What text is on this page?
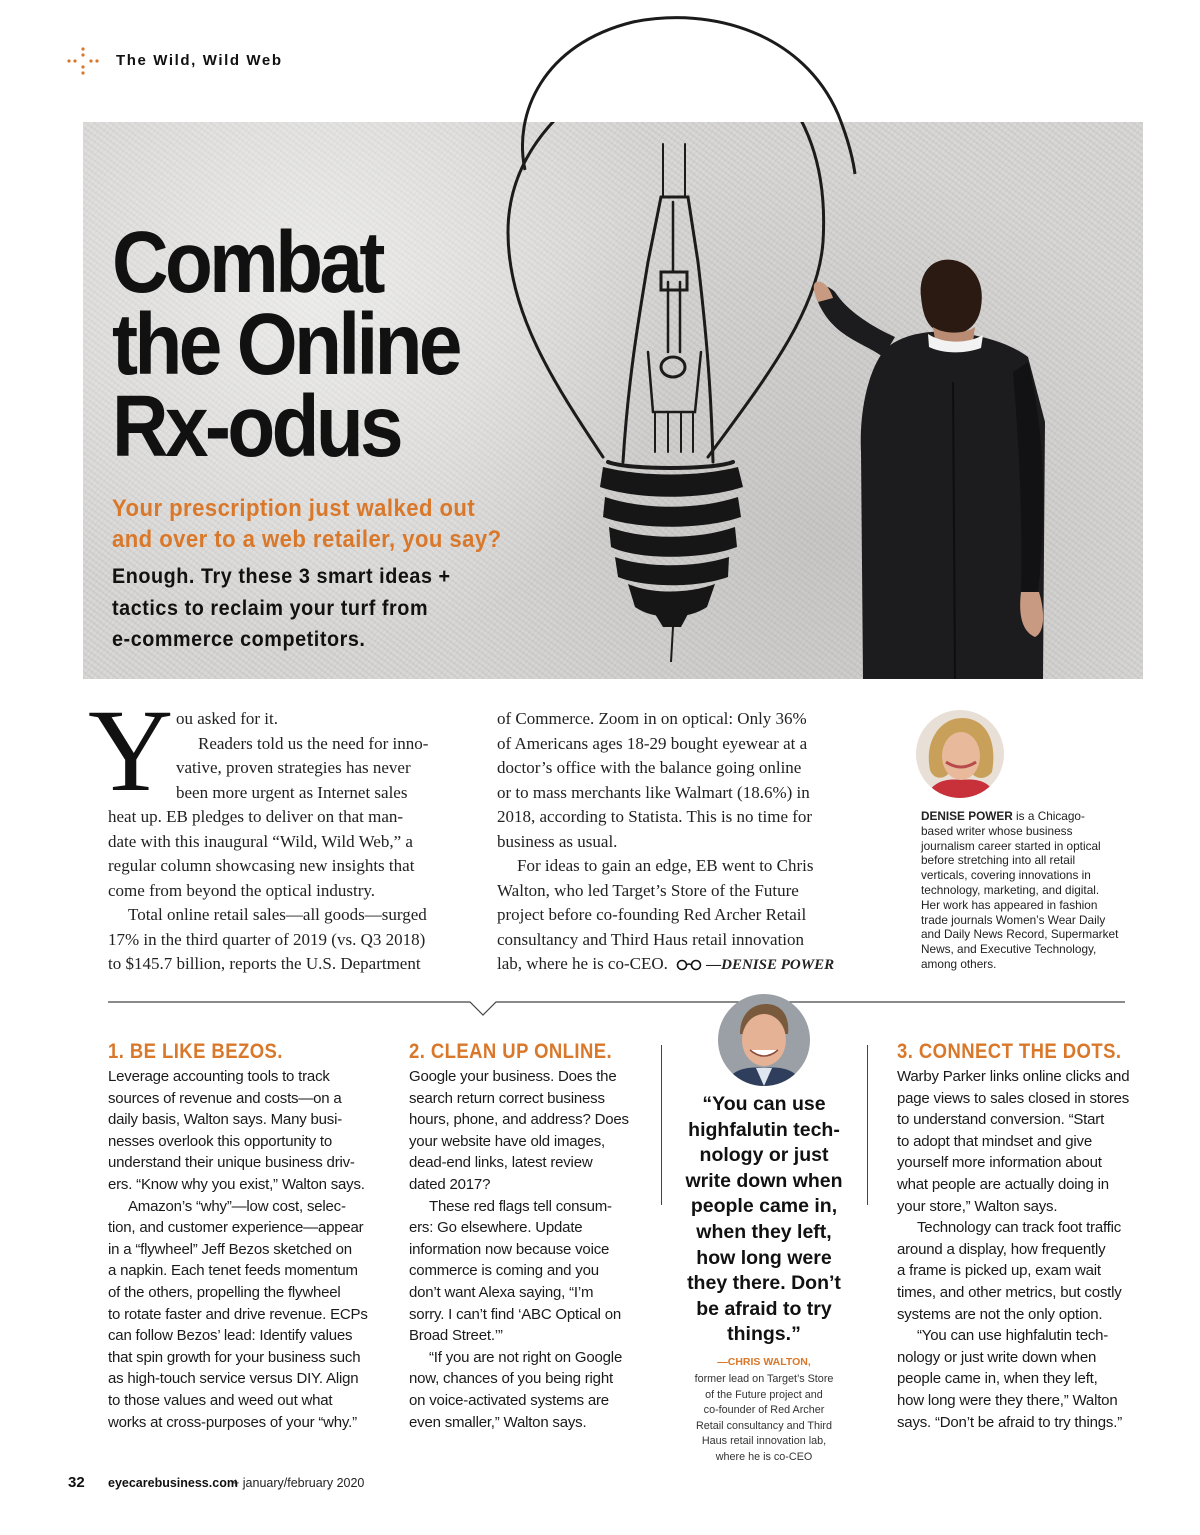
The Wild, Wild Web
Combat
the Online
Rx-odus

Your prescription just walked out
and over to a web retailer, you say?

Enough. Try these 3 smart ideas +
tactics to reclaim your turf from
e-commerce competitors.

Y ou asked for it.
Readers told us the need for inno-
vative, proven strategies has never
been more urgent as Internet sales
heat up. EB pledges to deliver on that man-
date with this inaugural “Wild, Wild Web,” a
regular column showcasing new insights that
come from beyond the optical industry.
Total online retail sales—all goods—surged
17% in the third quarter of 2019 (vs. Q3 2018)
to $145.7 billion, reports the U.S. Department
of Commerce. Zoom in on optical: Only 36%
of Americans ages 18-29 bought eyewear at a
doctor’s office with the balance going online
or to mass merchants like Walmart (18.6%) in
2018, according to Statista. This is no time for
business as usual.
For ideas to gain an edge, EB went to Chris
Walton, who led Target’s Store of the Future
project before co-founding Red Archer Retail
consultancy and Third Haus retail innovation
lab, where he is co-CEO.	—DENISE POWER
DENISE POWER is a Chicago-
based writer whose business
journalism career started in optical
before stretching into all retail
verticals, covering innovations in
technology, marketing, and digital.
Her work has appeared in fashion
trade journals Women’s Wear Daily
and Daily News Record, Supermarket
News, and Executive Technology,
among others.
1. BE LIKE BEZOS.
Leverage accounting tools to track
sources of revenue and costs—on a
daily basis, Walton says. Many busi-
nesses overlook this opportunity to
understand their unique business driv-
ers. “Know why you exist,” Walton says.
Amazon’s “why”—low cost, selec-
tion, and customer experience—appear
in a “flywheel” Jeff Bezos sketched on
a napkin. Each tenet feeds momentum
of the others, propelling the flywheel
to rotate faster and drive revenue. ECPs
can follow Bezos’ lead: Identify values
that spin growth for your business such
as high-touch service versus DIY. Align
to those values and weed out what
works at cross-purposes of your “why.”
2. CLEAN UP ONLINE.
Google your business. Does the
search return correct business
hours, phone, and address? Does
your website have old images,
dead-end links, latest review
dated 2017?
These red flags tell consum-
ers: Go elsewhere. Update
information now because voice
commerce is coming and you
don’t want Alexa saying, “I’m
sorry. I can’t find ‘ABC Optical on
Broad Street.’”
“If you are not right on Google
now, chances of you being right
on voice-activated systems are
even smaller,” Walton says.
“You can use
highfalutin tech-
nology or just
write down when
people came in,
when they left,
how long were
they there. Don’t
be afraid to try
things.”
—CHRIS WALTON,
former lead on Target’s Store
of the Future project and
co-founder of Red Archer
Retail consultancy and Third
Haus retail innovation lab,
where he is co-CEO
3. CONNECT THE DOTS.
Warby Parker links online clicks and
page views to sales closed in stores
to understand conversion. “Start
to adopt that mindset and give
yourself more information about
what people are actually doing in
your store,” Walton says.
Technology can track foot traffic
around a display, how frequently
a frame is picked up, exam wait
times, and other metrics, but costly
systems are not the only option.
“You can use highfalutin tech-
nology or just write down when
people came in, when they left,
how long were they there,” Walton
says. “Don’t be afraid to try things.”
32 eyecarebusiness.com
+ january/february 2020
